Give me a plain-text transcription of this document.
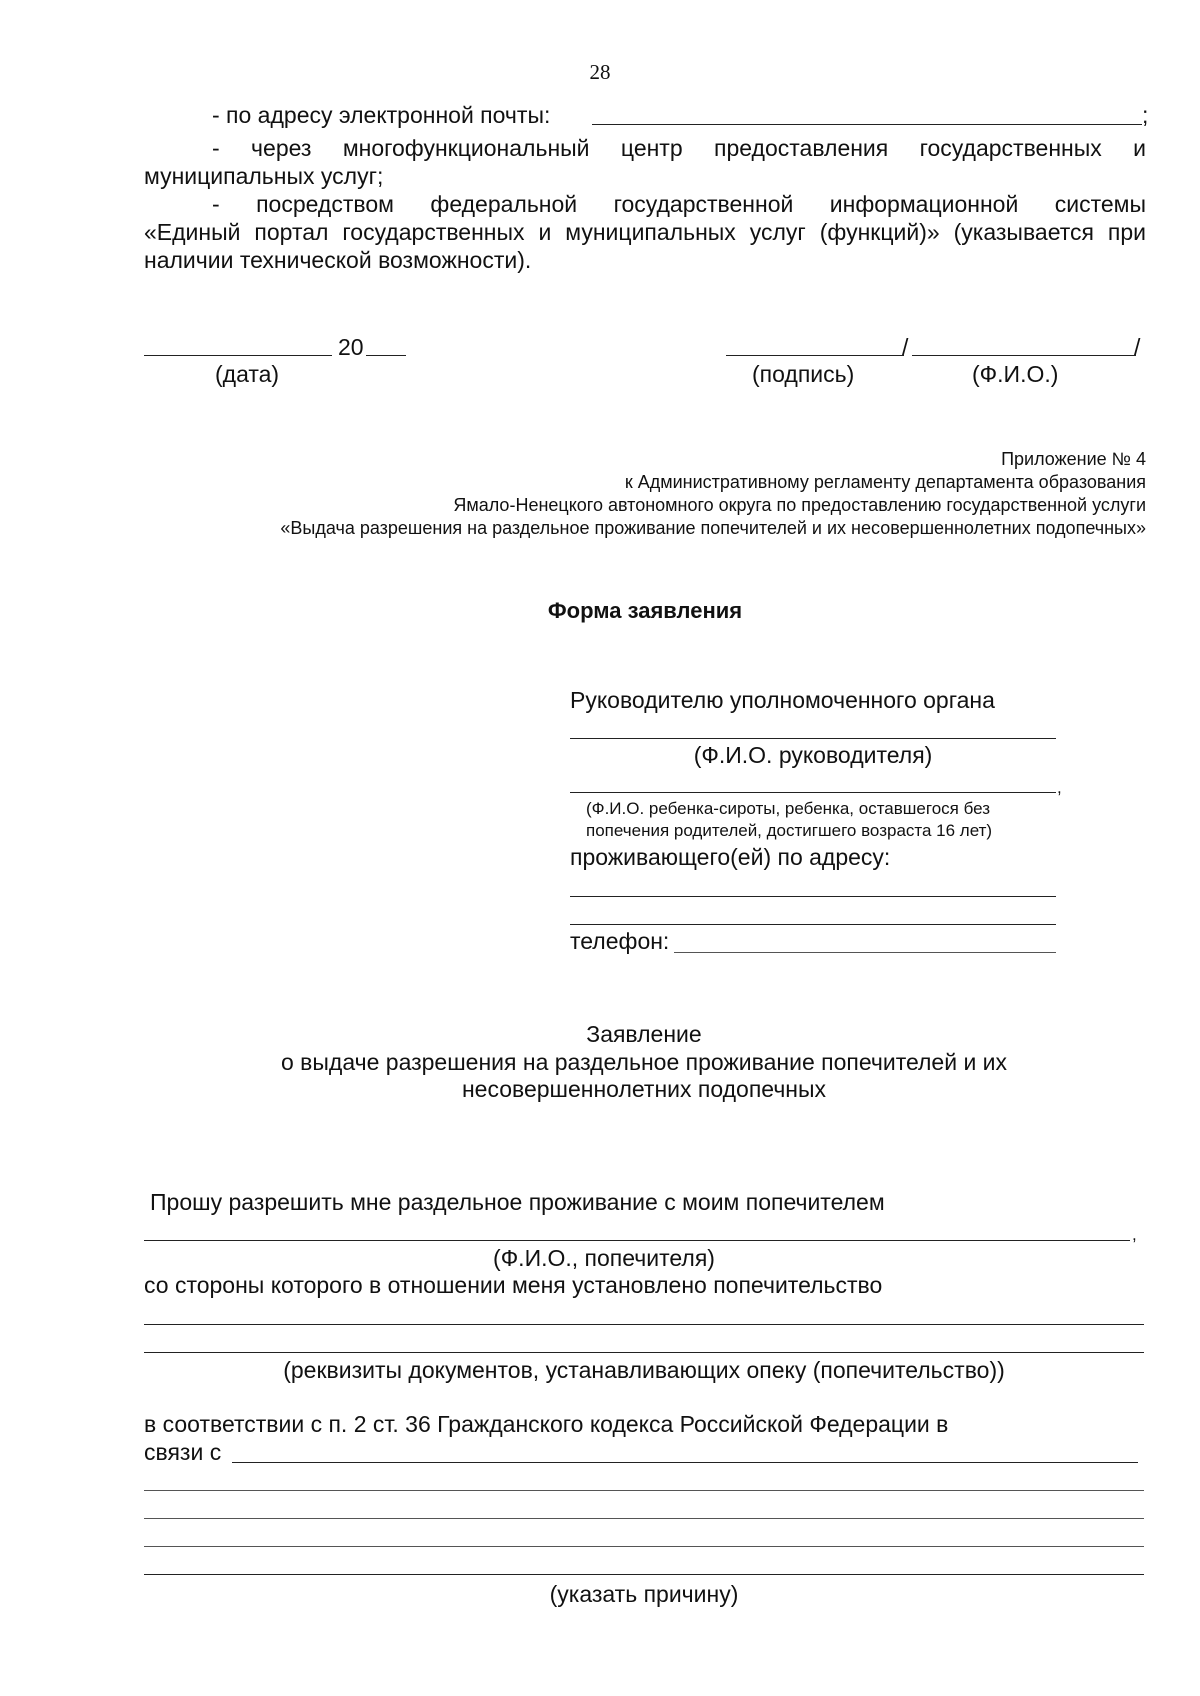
28
- по адресу электронной почты:	;
- через многофункциональный центр предоставления государственных и
муниципальных услуг;
- посредством федеральной государственной информационной системы
«Единый портал государственных и муниципальных услуг (функций)» (указывается при
наличии технической возможности).
20
(дата)
/	/
(подпись)	(Ф.И.О.)
Приложение № 4
к Административному регламенту департамента образования
Ямало-Ненецкого автономного округа по предоставлению государственной услуги
«Выдача разрешения на раздельное проживание попечителей и их несовершеннолетних подопечных»
Форма заявления
Руководителю уполномоченного органа
(Ф.И.О. руководителя)
,
(Ф.И.О. ребенка-сироты, ребенка, оставшегося без
попечения родителей, достигшего возраста 16 лет)
проживающего(ей) по адресу:
телефон:
Заявление
о выдаче разрешения на раздельное проживание попечителей и их
несовершеннолетних подопечных
Прошу разрешить мне раздельное проживание с моим попечителем
,
(Ф.И.О., попечителя)
со стороны которого в отношении меня установлено попечительство
(реквизиты документов, устанавливающих опеку (попечительство))
в соответствии с п. 2 ст. 36 Гражданского кодекса Российской Федерации в
связи с
(указать причину)
